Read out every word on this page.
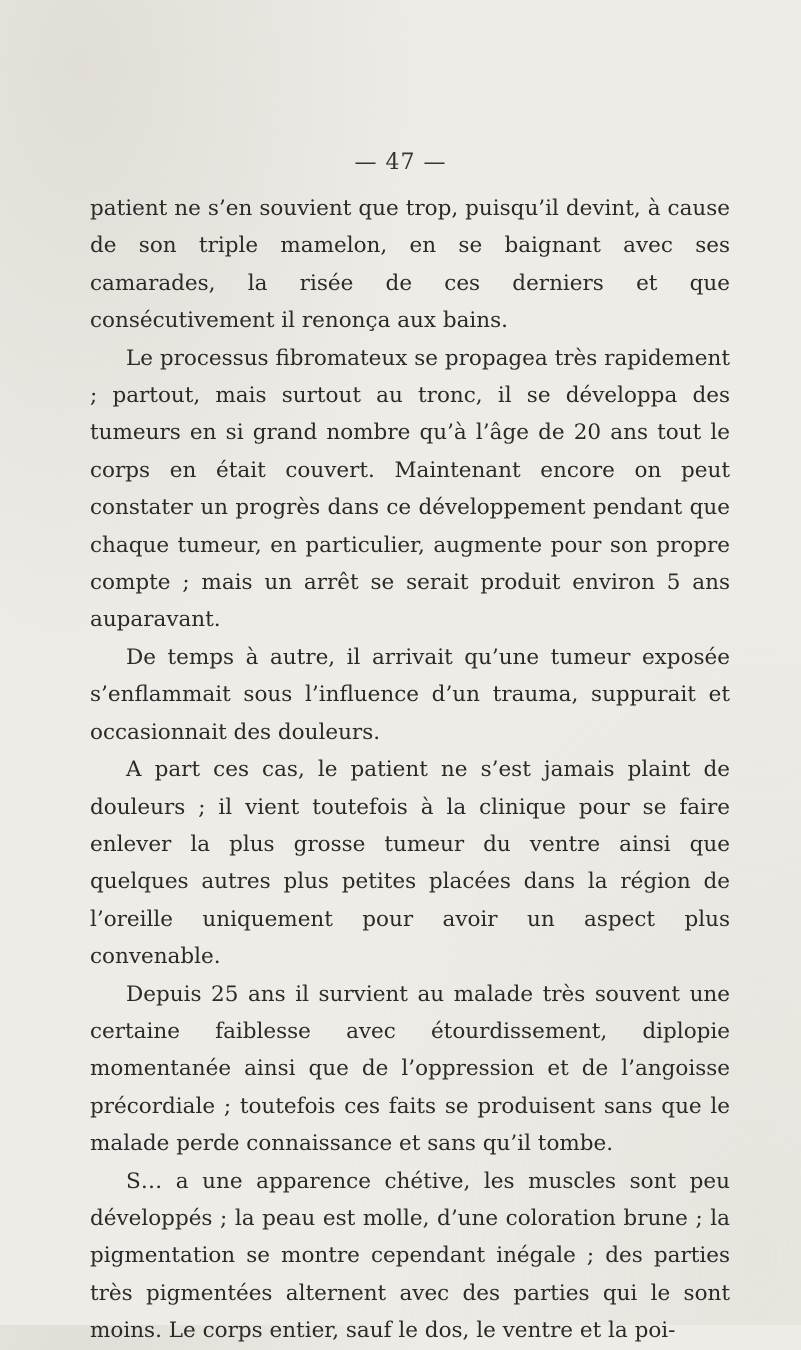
— 47 —

patient ne s’en souvient que trop, puisqu’il devint, à cause de son triple mamelon, en se baignant avec ses camarades, la risée de ces derniers et que consécutivement il renonça aux bains.

Le processus fibromateux se propagea très rapidement ; partout, mais surtout au tronc, il se développa des tumeurs en si grand nombre qu’à l’âge de 20 ans tout le corps en était couvert. Maintenant encore on peut constater un progrès dans ce développement pendant que chaque tumeur, en particulier, augmente pour son propre compte ; mais un arrêt se serait produit environ 5 ans auparavant.

De temps à autre, il arrivait qu’une tumeur exposée s’enflammait sous l’influence d’un trauma, suppurait et occasionnait des douleurs.

A part ces cas, le patient ne s’est jamais plaint de douleurs ; il vient toutefois à la clinique pour se faire enlever la plus grosse tumeur du ventre ainsi que quelques autres plus petites placées dans la région de l’oreille uniquement pour avoir un aspect plus convenable.

Depuis 25 ans il survient au malade très souvent une certaine faiblesse avec étourdissement, diplopie momentanée ainsi que de l’oppression et de l’angoisse précordiale ; toutefois ces faits se produisent sans que le malade perde connaissance et sans qu’il tombe.

S… a une apparence chétive, les muscles sont peu développés ; la peau est molle, d’une coloration brune ; la pigmentation se montre cependant inégale ; des parties très pigmentées alternent avec des parties qui le sont moins. Le corps entier, sauf le dos, le ventre et la poi-
